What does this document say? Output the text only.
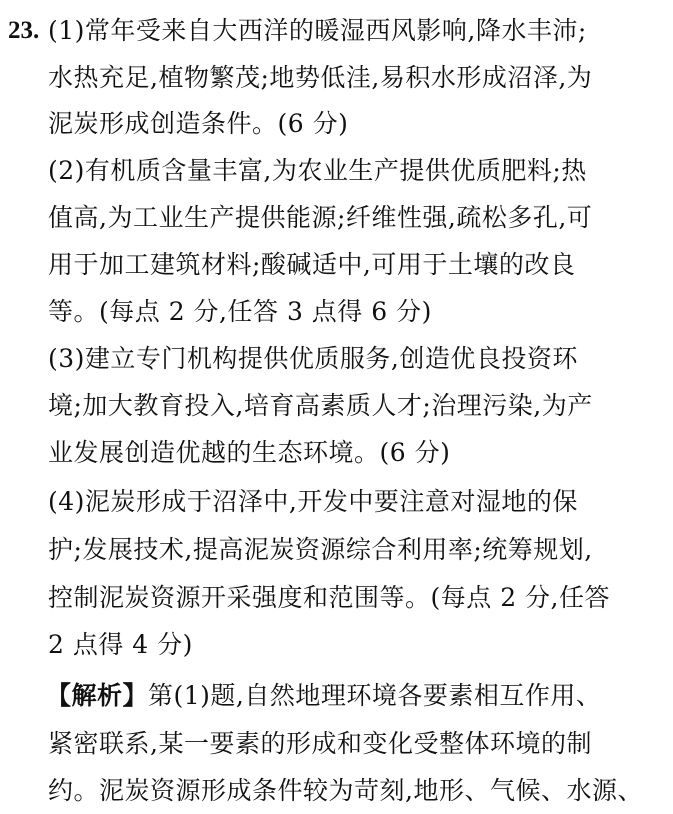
23. (1)常年受来自大西洋的暖湿西风影响,降水丰沛;
水热充足,植物繁茂;地势低洼,易积水形成沼泽,为
泥炭形成创造条件。(6 分)
(2)有机质含量丰富,为农业生产提供优质肥料;热
值高,为工业生产提供能源;纤维性强,疏松多孔,可
用于加工建筑材料;酸碱适中,可用于土壤的改良
等。(每点 2 分,任答 3 点得 6 分)
(3)建立专门机构提供优质服务,创造优良投资环
境;加大教育投入,培育高素质人才;治理污染,为产
业发展创造优越的生态环境。(6 分)
(4)泥炭形成于沼泽中,开发中要注意对湿地的保
护;发展技术,提高泥炭资源综合利用率;统筹规划,
控制泥炭资源开采强度和范围等。(每点 2 分,任答
2 点得 4 分)
【解析】第(1)题,自然地理环境各要素相互作用、
紧密联系,某一要素的形成和变化受整体环境的制
约。泥炭资源形成条件较为苛刻,地形、气候、水源、
